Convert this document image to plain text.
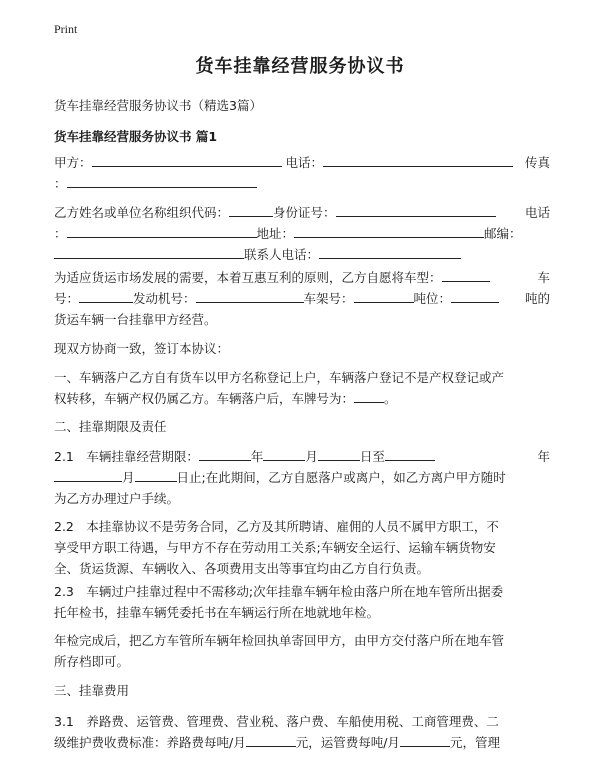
Print
货车挂靠经营服务协议书
货车挂靠经营服务协议书（精选3篇）
货车挂靠经营服务协议书 篇1
甲方：	电话：	传真
：
乙方姓名或单位名称组织代码：	身份证号：	电话
：	地址：	邮编：
联系人电话：
为适应货运市场发展的需要，本着互惠互利的原则，乙方自愿将车型：	车
号：	发动机号：	车架号：	吨位：	吨的
货运车辆一台挂靠甲方经营。
现双方协商一致，签订本协议：
一、车辆落户乙方自有货车以甲方名称登记上户，车辆落户登记不是产权登记或产
权转移，车辆产权仍属乙方。车辆落户后，车牌号为： 。
二、挂靠期限及责任
2.1　车辆挂靠经营期限：	年	月	日至	年
月	日止;在此期间，乙方自愿落户或离户，如乙方离户甲方随时
为乙方办理过户手续。
2.2　本挂靠协议不是劳务合同，乙方及其所聘请、雇佣的人员不属甲方职工，不
享受甲方职工待遇，与甲方不存在劳动用工关系;车辆安全运行、运输车辆货物安
全、货运货源、车辆收入、各项费用支出等事宜均由乙方自行负责。
2.3　车辆过户挂靠过程中不需移动;次年挂靠车辆年检由落户所在地车管所出据委
托年检书，挂靠车辆凭委托书在车辆运行所在地就地年检。
年检完成后，把乙方车管所车辆年检回执单寄回甲方，由甲方交付落户所在地车管
所存档即可。
三、挂靠费用
3.1　养路费、运管费、管理费、营业税、落户费、车船使用税、工商管理费、二
级维护费收费标准：养路费每吨/月	元，运管费每吨/月	元，管理
